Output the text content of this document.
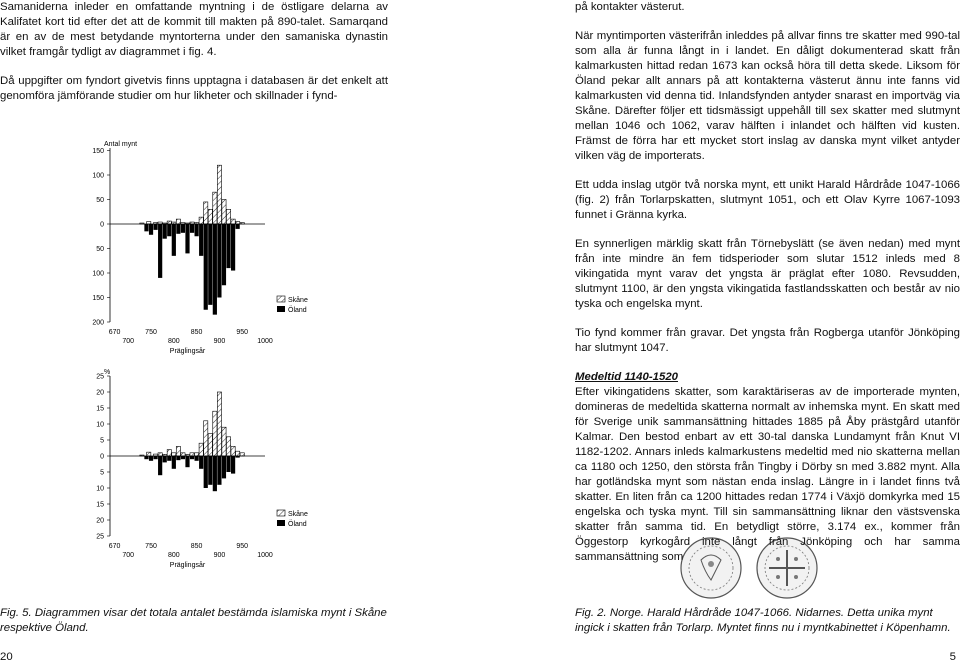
Samaniderna inleder en omfattande myntning i de östligare delarna av Kalifatet kort tid efter det att de kommit till makten på 890-talet. Samarqand är en av de mest betydande myntorterna under den samaniska dynastin vilket framgår tydligt av diagrammet i fig. 4.

Då uppgifter om fyndort givetvis finns upptagna i databasen är det enkelt att genomföra jämförande studier om hur likheter och skillnader i fynd-

Antal mynt
150
100
50
0
50
100
150
200
670	750	850	950
700	800	900	1000
Präglingsår
Skåne
Öland
%
25
20
15
10
5
0
5
10
15
20
25
670	750	850	950
700	800	900	1000
Präglingsår
Skåne
Öland

på kontakter västerut.

När myntimporten västerifrån inleddes på allvar finns tre skatter med 990-tal som alla är funna långt in i landet. En dåligt dokumenterad skatt från kalmarkusten hittad redan 1673 kan också höra till detta skede. Liksom för Öland pekar allt annars på att kontakterna västerut ännu inte fanns vid kalmarkusten vid denna tid. Inlandsfynden antyder snarast en importväg via Skåne. Därefter följer ett tidsmässigt uppehåll till sex skatter med slutmynt mellan 1046 och 1062, varav hälften i inlandet och hälften vid kusten. Främst de förra har ett mycket stort inslag av danska mynt vilket antyder vilken väg de importerats.

Ett udda inslag utgör två norska mynt, ett unikt Harald Hårdråde 1047-1066 (fig. 2) från Torlarpskatten, slutmynt 1051, och ett Olav Kyrre 1067-1093 funnet i Gränna kyrka.

En synnerligen märklig skatt från Törnebyslätt (se även nedan) med mynt från inte mindre än fem tidsperioder som slutar 1512 inleds med 8 vikingatida mynt varav det yngsta är präglat efter 1080. Revsudden, slutmynt 1100, är den yngsta vikingatida fastlandsskatten och består av nio tyska och engelska mynt.

Tio fynd kommer från gravar. Det yngsta från Rogberga utanför Jönköping har slutmynt 1047.

Medeltid 1140-1520

Efter vikingatidens skatter, som karaktäriseras av de importerade mynten, domineras de medeltida skatterna normalt av inhemska mynt. En skatt med för Sverige unik sammansättning hittades 1885 på Åby prästgård utanför Kalmar. Den bestod enbart av ett 30-tal danska Lundamynt från Knut VI 1182-1202. Annars inleds kalmarkustens medeltid med nio skatterna mellan ca 1180 och 1250, den största från Tingby i Dörby sn med 3.882 mynt. Alla har gotländska mynt som nästan enda inslag. Längre in i landet finns två skatter. En liten från ca 1200 hittades redan 1774 i Växjö domkyrka med 15 engelska och tyska mynt. Till sin sammansättning liknar den västsvenska skatter från samma tid. En betydligt större, 3.174 ex., kommer från Öggestorp kyrkogård inte långt från Jönköping och har samma sammansättning som

Fig. 5. Diagrammen visar det totala antalet bestämda islamiska mynt i Skåne respektive Öland.
Fig. 2. Norge. Harald Hårdråde 1047-1066. Nidarnes. Detta unika mynt ingick i skatten från Torlarp. Myntet finns nu i myntkabinettet i Köpenhamn.
20	5
